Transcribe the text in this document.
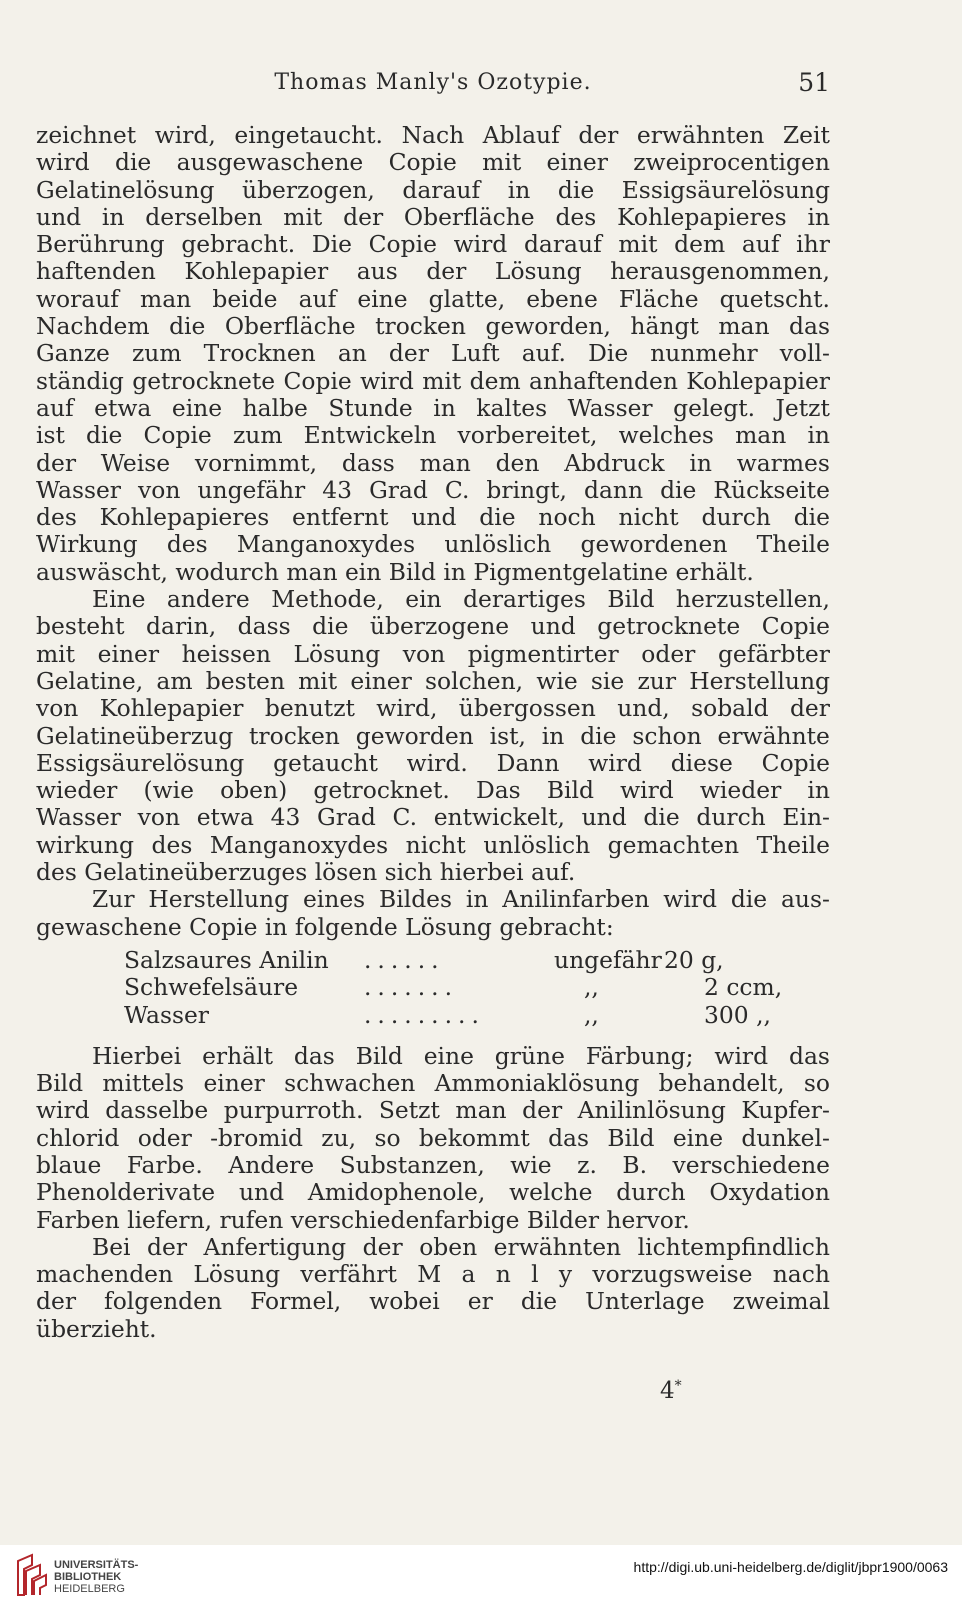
Thomas Manly's Ozotypie.	51
zeichnet wird, eingetaucht. Nach Ablauf der erwähnten Zeit
wird die ausgewaschene Copie mit einer zweiprocentigen
Gelatinelösung überzogen, darauf in die Essigsäurelösung
und in derselben mit der Oberfläche des Kohlepapieres in
Berührung gebracht. Die Copie wird darauf mit dem auf ihr
haftenden Kohlepapier aus der Lösung herausgenommen,
worauf man beide auf eine glatte, ebene Fläche quetscht.
Nachdem die Oberfläche trocken geworden, hängt man das
Ganze zum Trocknen an der Luft auf. Die nunmehr voll-
ständig getrocknete Copie wird mit dem anhaftenden Kohlepapier
auf etwa eine halbe Stunde in kaltes Wasser gelegt. Jetzt
ist die Copie zum Entwickeln vorbereitet, welches man in
der Weise vornimmt, dass man den Abdruck in warmes
Wasser von ungefähr 43 Grad C. bringt, dann die Rückseite
des Kohlepapieres entfernt und die noch nicht durch die
Wirkung des Manganoxydes unlöslich gewordenen Theile
auswäscht, wodurch man ein Bild in Pigmentgelatine erhält.
Eine andere Methode, ein derartiges Bild herzustellen,
besteht darin, dass die überzogene und getrocknete Copie
mit einer heissen Lösung von pigmentirter oder gefärbter
Gelatine, am besten mit einer solchen, wie sie zur Herstellung
von Kohlepapier benutzt wird, übergossen und, sobald der
Gelatineüberzug trocken geworden ist, in die schon erwähnte
Essigsäurelösung getaucht wird. Dann wird diese Copie
wieder (wie oben) getrocknet. Das Bild wird wieder in
Wasser von etwa 43 Grad C. entwickelt, und die durch Ein-
wirkung des Manganoxydes nicht unlöslich gemachten Theile
des Gelatineüberzuges lösen sich hierbei auf.
Zur Herstellung eines Bildes in Anilinfarben wird die aus-
gewaschene Copie in folgende Lösung gebracht:
Salzsaures Anilin	......	ungefähr 20 g,
Schwefelsäure	.......	,,	2 ccm,
Wasser	.........	,,	300 ,,
Hierbei erhält das Bild eine grüne Färbung; wird das
Bild mittels einer schwachen Ammoniaklösung behandelt, so
wird dasselbe purpurroth. Setzt man der Anilinlösung Kupfer-
chlorid oder -bromid zu, so bekommt das Bild eine dunkel-
blaue Farbe. Andere Substanzen, wie z. B. verschiedene
Phenolderivate und Amidophenole, welche durch Oxydation
Farben liefern, rufen verschiedenfarbige Bilder hervor.
Bei der Anfertigung der oben erwähnten lichtempfindlich
machenden Lösung verfährt M a n l y vorzugsweise nach
der folgenden Formel, wobei er die Unterlage zweimal
überzieht.
4*
UNIVERSITÄTS-
BIBLIOTHEK
HEIDELBERG
http://digi.ub.uni-heidelberg.de/diglit/jbpr1900/0063
